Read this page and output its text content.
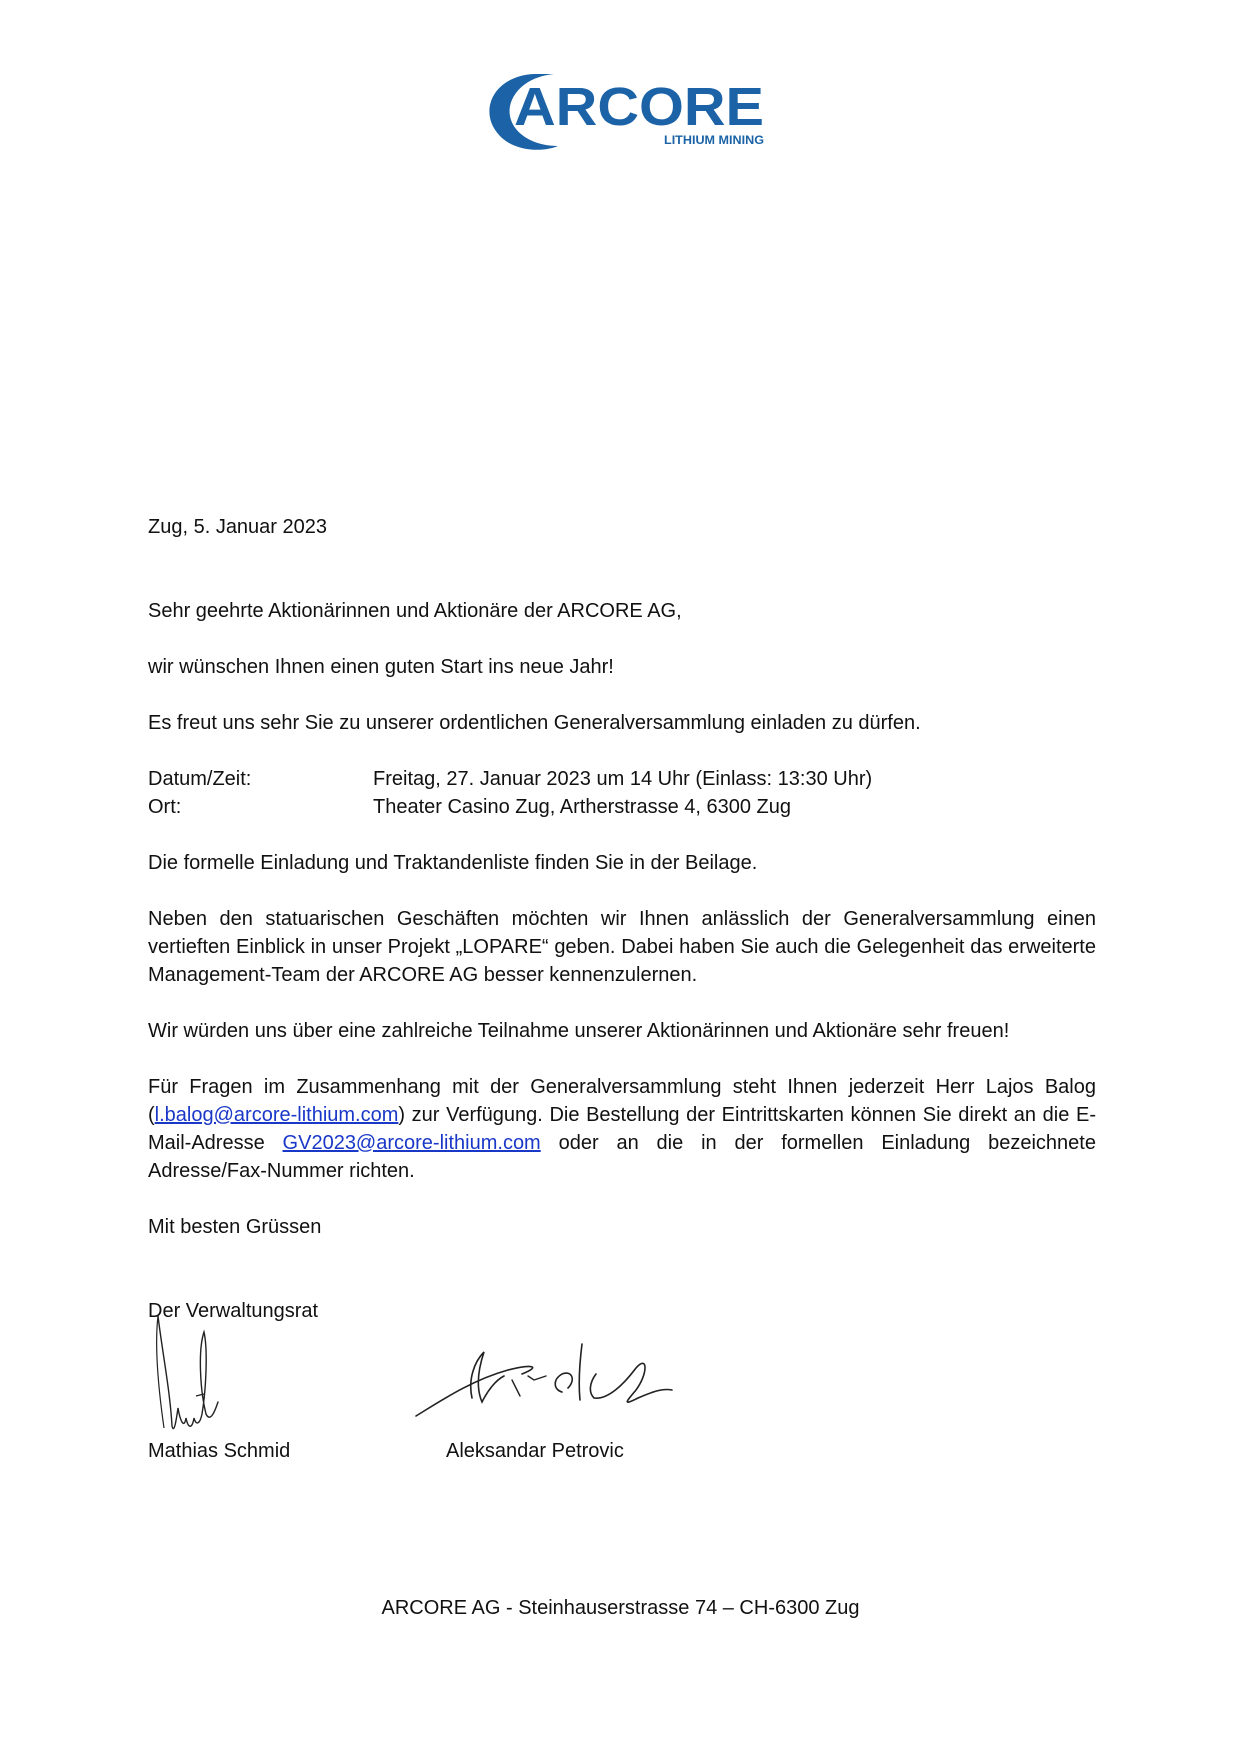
ARCORE
LITHIUM MINING

Zug, 5. Januar 2023

Sehr geehrte Aktionärinnen und Aktionäre der ARCORE AG,

wir wünschen Ihnen einen guten Start ins neue Jahr!

Es freut uns sehr Sie zu unserer ordentlichen Generalversammlung einladen zu dürfen.

Datum/Zeit:	Freitag, 27. Januar 2023 um 14 Uhr (Einlass: 13:30 Uhr)
Ort:	Theater Casino Zug, Artherstrasse 4, 6300 Zug

Die formelle Einladung und Traktandenliste finden Sie in der Beilage.

Neben den statuarischen Geschäften möchten wir Ihnen anlässlich der Generalversammlung einen vertieften Einblick in unser Projekt „LOPARE“ geben. Dabei haben Sie auch die Gelegenheit das erweiterte Management-Team der ARCORE AG besser kennenzulernen.

Wir würden uns über eine zahlreiche Teilnahme unserer Aktionärinnen und Aktionäre sehr freuen!

Für Fragen im Zusammenhang mit der Generalversammlung steht Ihnen jederzeit Herr Lajos Balog (l.balog@arcore-lithium.com) zur Verfügung. Die Bestellung der Eintrittskarten können Sie direkt an die E-Mail-Adresse GV2023@arcore-lithium.com oder an die in der formellen Einladung bezeichnete Adresse/Fax-Nummer richten.

Mit besten Grüssen

Der Verwaltungsrat

Mathias Schmid	Aleksandar Petrovic
ARCORE AG - Steinhauserstrasse 74 – CH-6300 Zug
